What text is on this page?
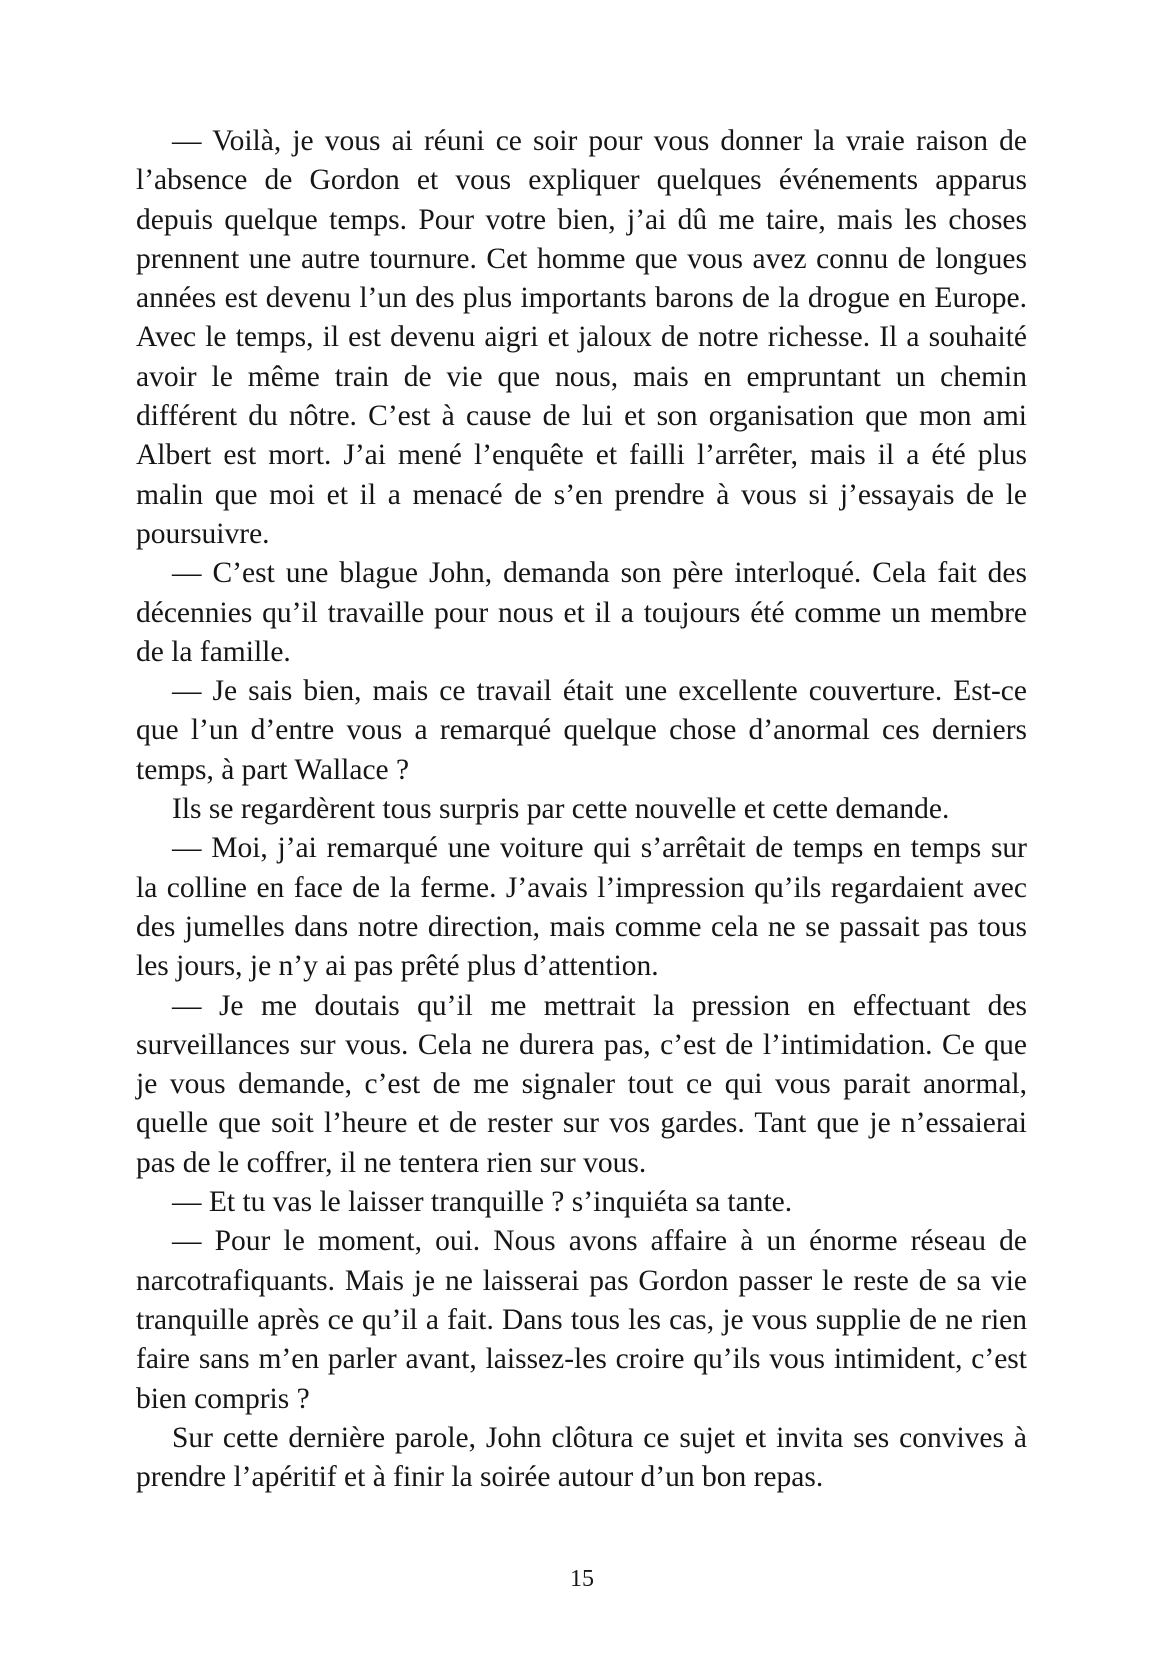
— Voilà, je vous ai réuni ce soir pour vous donner la vraie raison de l’absence de Gordon et vous expliquer quelques événements apparus depuis quelque temps. Pour votre bien, j’ai dû me taire, mais les choses prennent une autre tournure. Cet homme que vous avez connu de longues années est devenu l’un des plus importants barons de la drogue en Europe. Avec le temps, il est devenu aigri et jaloux de notre richesse. Il a souhaité avoir le même train de vie que nous, mais en empruntant un chemin différent du nôtre. C’est à cause de lui et son organisation que mon ami Albert est mort. J’ai mené l’enquête et failli l’arrêter, mais il a été plus malin que moi et il a menacé de s’en prendre à vous si j’essayais de le poursuivre.

— C’est une blague John, demanda son père interloqué. Cela fait des décennies qu’il travaille pour nous et il a toujours été comme un membre de la famille.

— Je sais bien, mais ce travail était une excellente couverture. Est-ce que l’un d’entre vous a remarqué quelque chose d’anormal ces derniers temps, à part Wallace ?

Ils se regardèrent tous surpris par cette nouvelle et cette demande.

— Moi, j’ai remarqué une voiture qui s’arrêtait de temps en temps sur la colline en face de la ferme. J’avais l’impression qu’ils regardaient avec des jumelles dans notre direction, mais comme cela ne se passait pas tous les jours, je n’y ai pas prêté plus d’attention.

— Je me doutais qu’il me mettrait la pression en effectuant des surveillances sur vous. Cela ne durera pas, c’est de l’intimidation. Ce que je vous demande, c’est de me signaler tout ce qui vous parait anormal, quelle que soit l’heure et de rester sur vos gardes. Tant que je n’essaierai pas de le coffrer, il ne tentera rien sur vous.

— Et tu vas le laisser tranquille ? s’inquiéta sa tante.

— Pour le moment, oui. Nous avons affaire à un énorme réseau de narcotrafiquants. Mais je ne laisserai pas Gordon passer le reste de sa vie tranquille après ce qu’il a fait. Dans tous les cas, je vous supplie de ne rien faire sans m’en parler avant, laissez-les croire qu’ils vous intimident, c’est bien compris ?

Sur cette dernière parole, John clôtura ce sujet et invita ses convives à prendre l’apéritif et à finir la soirée autour d’un bon repas.

15
